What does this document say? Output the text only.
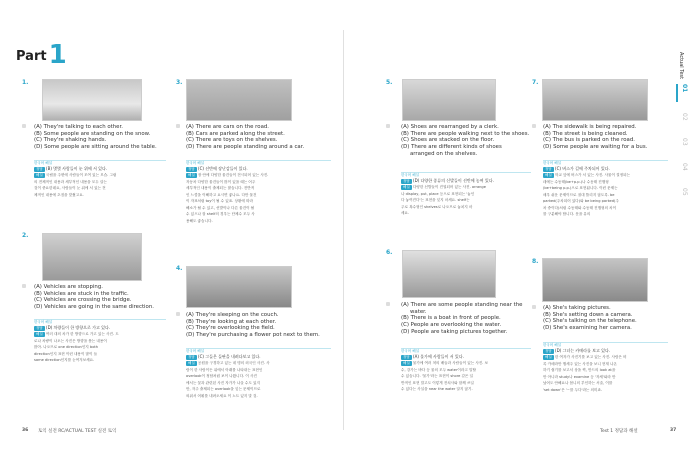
Part1
1.
(A) They're talking to each other.
(B) Some people are standing on the snow.
(C) They're shaking hands.
(D) Some people are sitting around the table.
한국어 해설
정답 (B) 몇몇 사람들이 눈 위에 서 있다.
해설 국립을 주변에 사람들이 모여 있는 모습. 그림
의 전체적인 내용과 세부적인 내용을 모두 살는
것이 중요한데요, 사람들이 눈 위에 서 있는 전
체적인 내용에 초점을 맞췄고요.
2.
(A) Vehicles are stopping.
(B) Vehicles are stuck in the traffic.
(C) Vehicles are crossing the bridge.
(D) Vehicles are going in the same direction.
한국어 해설
정답 (D) 차량들이 한 방향으로 가고 있다.
해설 여러 대의 차가 한 방향으로 가고 있는 사진. 도
로나 차량이 나오는 사진은 방향을 묻는 내용이
많아. 나오므로 one direction인지 both
direction인지 표현 이런 내용이 많이 들
same direction인지를 눈여겨보세요.
3.
(A) There are cars on the road.
(B) Cars are parked along the street.
(C) There are toys on the shelves.
(D) There are people standing around a car.
한국어 해설
정답 (C) 선반에 장난감들이 있다.
해설 장 안에 다양한 물건들이 전시되어 있는 사진.
자동차 다양한 물건들이 많이 있을 때는 어주
세부적인 내용이 출제되는 많습니다. 전반적
인 느낌을 이해하고 요시면 좋나요. 다만 물건
이 자표처럼 toy이 될 수 있죠. 상황에 따라
해소가 될 수 있고, 선발이나 다른 물건이 될
수 있으나 잘 shelf의 경우는 단체수 모두 사
용해도 좋습니다.
4.
(A) They're sleeping on the couch.
(B) They're looking at each other.
(C) They're overlooking the field.
(D) They're purchasing a flower pot next to them.
한국어 해설
정답 (C) 그들은 들판을 내려다보고 있다.
해설 공원을 구경하고 있는 네 명의 외국인 사진. 사
람이 한 사람이든 위에서 아래를 나타내는 표현인
overlook이 정답처럼 보이 나왔니다. 이 사진
에서는 꽃과 관련된 사진 자가가 나올 수도 있지
만, 자주 출제되는 overlook을 잊는 문제이므로
외워서 어휘를 내려오세요 이 노트 있지 말 것.
5.
(A) Shoes are rearranged by a clerk.
(B) There are people walking next to the shoes.
(C) Shoes are stacked on the floor.
(D) There are different kinds of shoes
arranged on the shelves.
한국어 해설
정답 (D) 다양한 종류의 신발들이 선반에 놓여 있다.
해설 다양한 신발들이 진열되어 있는 사진. arrange
나 display, put, place 등으로 표현되는 '놓인
다 놓여진다'는 표현을 잊지 마세요. shelf는
주로 복수형인 shelves로 나오므로 놓치지 마
세요.
6.
(A) There are some people standing near the
water.
(B) There is a boat in front of people.
(C) People are overlooking the water.
(D) People are taking pictures together.
한국어 해설
정답 (A) 물가에 사람들이 서 있다.
해설 물가에 여러 척의 배들과 사람들이 있는 사진. 보
수, 강가는 바다 등 물의 모두 water이라고 말할
수 있습니다. '물가'라는 표현이 shore 같은 일
반적인 표현 말고도 이렇게 전치사와 함께 쓰일
수 있다는 사실을 near the water 알지 않기.
7.
(A) The sidewalk is being repaired.
(B) The street is being cleaned.
(C) The bus is parked on the road.
(D) Some people are waiting for a bus.
한국어 해설
정답 (C) 버스가 길에 주차되어 있다.
해설 학교 앞에 버스가 서 있는 사진. 사물이 결정되는
데에는 수동태(be+p.p.)나 수동태 진행형
(be+being p.p.)으로 표현됩니다. 이런 문제는
매우 쉬운 문제이므로 절대 틀리지 않도록. be
parked(주차되어 있다)와 be being parked(주
차 중이다)처럼 수동태와 수동태 진행형의 차이
를 구분해야 합니다. 문을 유의
8.
(A) She's taking pictures.
(B) She's setting down a camera.
(C) She's talking on the telephone.
(D) She's examining her camera.
한국어 해설
정답 (D) 그녀는 카메라를 보고 있다.
해설 한 여자가 사진기를 보고 있는 사진. 사람은 비
록 카메라만 행세주 있는 사진을 보니 현재 나온
하기 쉽기를 보고서 상을 찍, 만드의 look at을
만 아니라 study나 examine 등 '자세'와라 만
났어도 안해요나 봅니의 부인하는 서술, 이를
'set down'은 '~를 두다'라는 의미죠.
Actual Test
01
02
03
04
05
36 토익 실전 RC/ACTUAL TEST 실전 토익	Test 1 정답과 해설	37
